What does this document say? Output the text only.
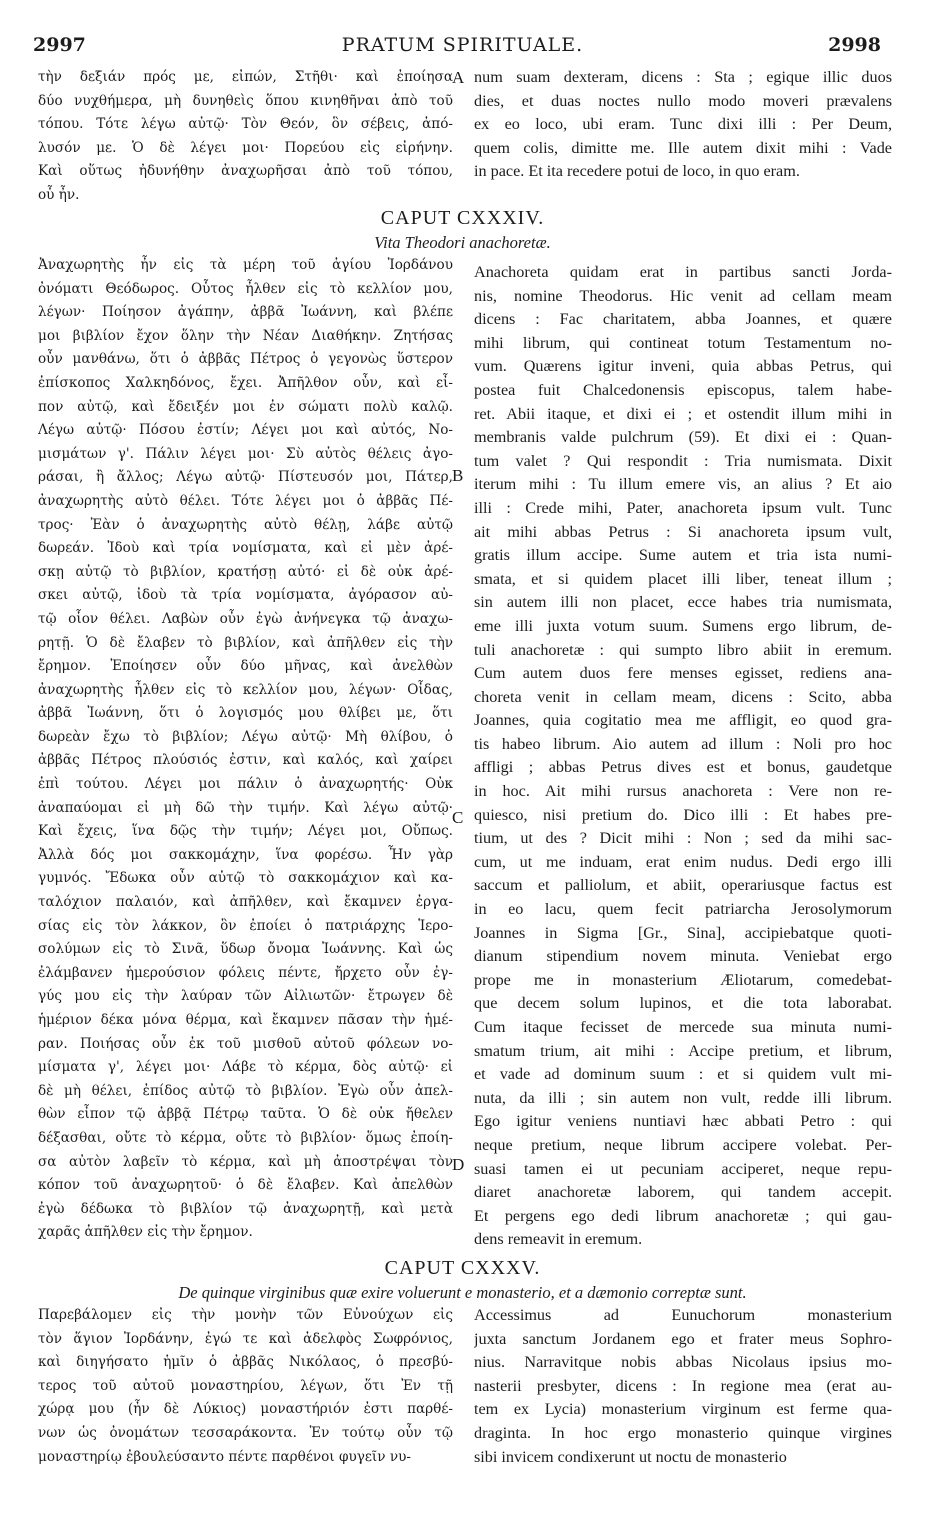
2997	PRATUM SPIRITUALE.	2998
A
B
C
D
τὴν δεξιάν πρός με, εἰπών, Στῆθι· καὶ ἐποίησα
δύο νυχθήμερα, μὴ δυνηθεὶς ὅπου κινηθῆναι ἀπὸ τοῦ
τόπου. Τότε λέγω αὐτῷ· Τὸν Θεόν, ὃν σέβεις, ἀπό-
λυσόν με. Ὁ δὲ λέγει μοι· Πορεύου εἰς εἰρήνην.
Καὶ οὕτως ἠδυνήθην ἀναχωρῆσαι ἀπὸ τοῦ τόπου,
οὗ ἦν.
num suam dexteram, dicens : Sta ; egique illic duos
dies, et duas noctes nullo modo moveri prævalens
ex eo loco, ubi eram. Tunc dixi illi : Per Deum,
quem colis, dimitte me. Ille autem dixit mihi : Vade
in pace. Et ita recedere potui de loco, in quo eram.
CAPUT CXXXIV.
Vita Theodori anachoretæ.
Ἀναχωρητὴς ἦν εἰς τὰ μέρη τοῦ ἁγίου Ἰορδάνου
ὀνόματι Θεόδωρος. Οὗτος ἦλθεν εἰς τὸ κελλίον μου,
λέγων· Ποίησον ἀγάπην, ἀββᾶ Ἰωάννη, καὶ βλέπε
μοι βιβλίον ἔχον ὅλην τὴν Νέαν Διαθήκην. Ζητήσας
οὖν μανθάνω, ὅτι ὁ ἀββᾶς Πέτρος ὁ γεγονὼς ὕστερον
ἐπίσκοπος Χαλκηδόνος, ἔχει. Ἀπῆλθον οὖν, καὶ εἶ-
πον αὐτῷ, καὶ ἔδειξέν μοι ἐν σώματι πολὺ καλῷ.
Λέγω αὐτῷ· Πόσου ἐστίν; Λέγει μοι καὶ αὐτός, Νο-
μισμάτων γ'. Πάλιν λέγει μοι· Σὺ αὐτὸς θέλεις ἀγο-
ράσαι, ἢ ἄλλος; Λέγω αὐτῷ· Πίστευσόν μοι, Πάτερ,
ἀναχωρητὴς αὐτὸ θέλει. Τότε λέγει μοι ὁ ἀββᾶς Πέ-
τρος· Ἐὰν ὁ ἀναχωρητὴς αὐτὸ θέλῃ, λάβε αὐτῷ
δωρεάν. Ἰδοὺ καὶ τρία νομίσματα, καὶ εἰ μὲν ἀρέ-
σκῃ αὐτῷ τὸ βιβλίον, κρατήσῃ αὐτό· εἰ δὲ οὐκ ἀρέ-
σκει αὐτῷ, ἰδοὺ τὰ τρία νομίσματα, ἀγόρασον αὐ-
τῷ οἷον θέλει. Λαβὼν οὖν ἐγὼ ἀνήνεγκα τῷ ἀναχω-
ρητῇ. Ὁ δὲ ἔλαβεν τὸ βιβλίον, καὶ ἀπῆλθεν εἰς τὴν
ἔρημον. Ἐποίησεν οὖν δύο μῆνας, καὶ ἀνελθὼν
ἀναχωρητὴς ἦλθεν εἰς τὸ κελλίον μου, λέγων· Οἶδας,
ἀββᾶ Ἰωάννη, ὅτι ὁ λογισμός μου θλίβει με, ὅτι
δωρεὰν ἔχω τὸ βιβλίον; Λέγω αὐτῷ· Μὴ θλίβου, ὁ
ἀββᾶς Πέτρος πλούσιός ἐστιν, καὶ καλός, καὶ χαίρει
ἐπὶ τούτου. Λέγει μοι πάλιν ὁ ἀναχωρητής· Οὐκ
ἀναπαύομαι εἰ μὴ δῶ τὴν τιμήν. Καὶ λέγω αὐτῷ·
Καὶ ἔχεις, ἵνα δῷς τὴν τιμήν; Λέγει μοι, Οὔπως.
Ἀλλὰ δός μοι σακκομάχην, ἵνα φορέσω. Ἦν γὰρ
γυμνός. Ἔδωκα οὖν αὐτῷ τὸ σακκομάχιον καὶ κα-
ταλόχιον παλαιόν, καὶ ἀπῆλθεν, καὶ ἔκαμνεν ἐργα-
σίας εἰς τὸν λάκκον, ὃν ἐποίει ὁ πατριάρχης Ἱερο-
σολύμων εἰς τὸ Σινᾶ, ὕδωρ ὄνομα Ἰωάννης. Καὶ ὡς
ἐλάμβανεν ἡμερούσιον φόλεις πέντε, ἤρχετο οὖν ἐγ-
γύς μου εἰς τὴν λαύραν τῶν Αἰλιωτῶν· ἔτρωγεν δὲ
ἡμέριον δέκα μόνα θέρμα, καὶ ἔκαμνεν πᾶσαν τὴν ἡμέ-
ραν. Ποιήσας οὖν ἐκ τοῦ μισθοῦ αὐτοῦ φόλεων νο-
μίσματα γ', λέγει μοι· Λάβε τὸ κέρμα, δὸς αὐτῷ· εἰ
δὲ μὴ θέλει, ἐπίδος αὐτῷ τὸ βιβλίον. Ἐγὼ οὖν ἀπελ-
θὼν εἶπον τῷ ἀββᾷ Πέτρῳ ταῦτα. Ὁ δὲ οὐκ ἤθελεν
δέξασθαι, οὔτε τὸ κέρμα, οὔτε τὸ βιβλίον· ὅμως ἐποίη-
σα αὐτὸν λαβεῖν τὸ κέρμα, καὶ μὴ ἀποστρέψαι τὸν
κόπον τοῦ ἀναχωρητοῦ· ὁ δὲ ἔλαβεν. Καὶ ἀπελθὼν
ἐγὼ δέδωκα τὸ βιβλίον τῷ ἀναχωρητῇ, καὶ μετὰ
χαρᾶς ἀπῆλθεν εἰς τὴν ἔρημον.
Anachoreta quidam erat in partibus sancti Jorda-
nis, nomine Theodorus. Hic venit ad cellam meam
dicens : Fac charitatem, abba Joannes, et quære
mihi librum, qui contineat totum Testamentum no-
vum. Quærens igitur inveni, quia abbas Petrus, qui
postea fuit Chalcedonensis episcopus, talem habe-
ret. Abii itaque, et dixi ei ; et ostendit illum mihi in
membranis valde pulchrum (59). Et dixi ei : Quan-
tum valet ? Qui respondit : Tria numismata. Dixit
iterum mihi : Tu illum emere vis, an alius ? Et aio
illi : Crede mihi, Pater, anachoreta ipsum vult. Tunc
ait mihi abbas Petrus : Si anachoreta ipsum vult,
gratis illum accipe. Sume autem et tria ista numi-
smata, et si quidem placet illi liber, teneat illum ;
sin autem illi non placet, ecce habes tria numismata,
eme illi juxta votum suum. Sumens ergo librum, de-
tuli anachoretæ : qui sumpto libro abiit in eremum.
Cum autem duos fere menses egisset, rediens ana-
choreta venit in cellam meam, dicens : Scito, abba
Joannes, quia cogitatio mea me affligit, eo quod gra-
tis habeo librum. Aio autem ad illum : Noli pro hoc
affligi ; abbas Petrus dives est et bonus, gaudetque
in hoc. Ait mihi rursus anachoreta : Vere non re-
quiesco, nisi pretium do. Dico illi : Et habes pre-
tium, ut des ? Dicit mihi : Non ; sed da mihi sac-
cum, ut me induam, erat enim nudus. Dedi ergo illi
saccum et palliolum, et abiit, operariusque factus est
in eo lacu, quem fecit patriarcha Jerosolymorum
Joannes in Sigma [Gr., Sina], accipiebatque quoti-
dianum stipendium novem minuta. Veniebat ergo
prope me in monasterium Æliotarum, comedebat-
que decem solum lupinos, et die tota laborabat.
Cum itaque fecisset de mercede sua minuta numi-
smatum trium, ait mihi : Accipe pretium, et librum,
et vade ad dominum suum : et si quidem vult mi-
nuta, da illi ; sin autem non vult, redde illi librum.
Ego igitur veniens nuntiavi hæc abbati Petro : qui
neque pretium, neque librum accipere volebat. Per-
suasi tamen ei ut pecuniam acciperet, neque repu-
diaret anachoretæ laborem, qui tandem accepit.
Et pergens ego dedi librum anachoretæ ; qui gau-
dens remeavit in eremum.
CAPUT CXXXV.
De quinque virginibus quæ exire voluerunt e monasterio, et a dæmonio correptæ sunt.
Παρεβάλομεν εἰς τὴν μονὴν τῶν Εὐνούχων εἰς
τὸν ἅγιον Ἰορδάνην, ἐγώ τε καὶ ἀδελφὸς Σωφρόνιος,
καὶ διηγήσατο ἡμῖν ὁ ἀββᾶς Νικόλαος, ὁ πρεσβύ-
τερος τοῦ αὐτοῦ μοναστηρίου, λέγων, ὅτι Ἐν τῇ
χώρᾳ μου (ἦν δὲ Λύκιος) μοναστήριόν ἐστι παρθέ-
νων ὡς ὀνομάτων τεσσαράκοντα. Ἐν τούτῳ οὖν τῷ
μοναστηρίῳ ἐβουλεύσαντο πέντε παρθένοι φυγεῖν νυ-
Accessimus ad Eunuchorum monasterium
juxta sanctum Jordanem ego et frater meus Sophro-
nius. Narravitque nobis abbas Nicolaus ipsius mo-
nasterii presbyter, dicens : In regione mea (erat au-
tem ex Lycia) monasterium virginum est ferme qua-
draginta. In hoc ergo monasterio quinque virgines
sibi invicem condixerunt ut noctu de monasterio
